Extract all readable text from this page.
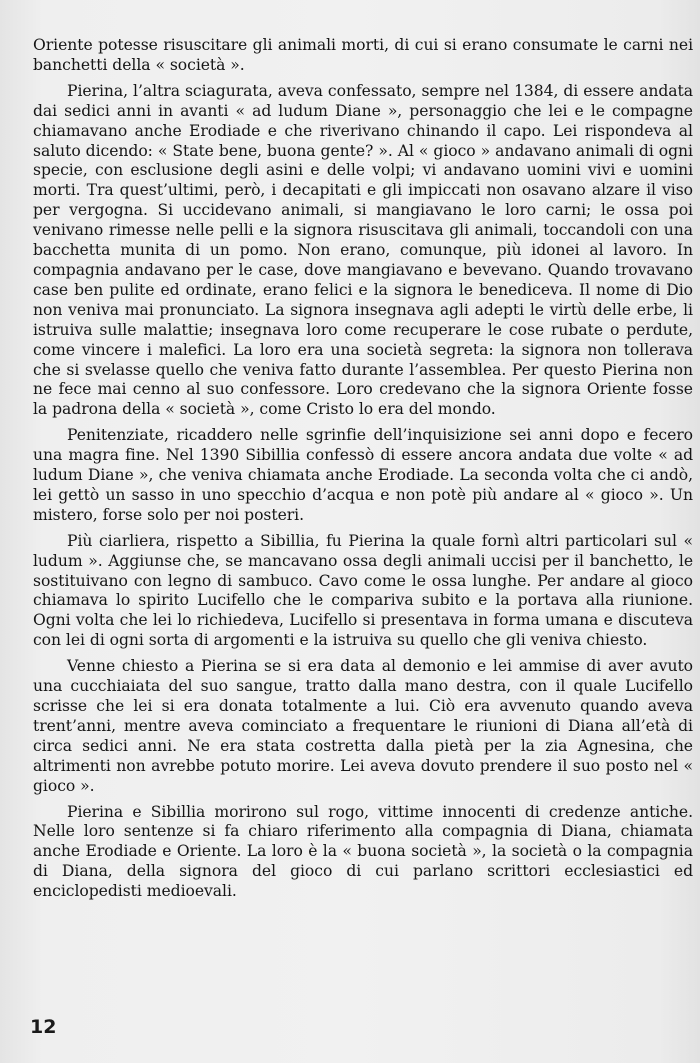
Oriente potesse risuscitare gli animali morti, di cui si erano consumate le carni nei banchetti della « società ».

Pierina, l’altra sciagurata, aveva confessato, sempre nel 1384, di essere andata dai sedici anni in avanti « ad ludum Diane », personaggio che lei e le compagne chiamavano anche Erodiade e che riverivano chinando il capo. Lei rispondeva al saluto dicendo: « State bene, buona gente? ». Al « gioco » andavano animali di ogni specie, con esclusione degli asini e delle volpi; vi andavano uomini vivi e uomini morti. Tra quest’ultimi, però, i decapitati e gli impiccati non osavano alzare il viso per vergogna. Si uccidevano animali, si mangiavano le loro carni; le ossa poi venivano rimesse nelle pelli e la signora risuscitava gli animali, toccandoli con una bacchetta munita di un pomo. Non erano, comunque, più idonei al lavoro. In compagnia andavano per le case, dove mangiavano e bevevano. Quando trovavano case ben pulite ed ordinate, erano felici e la signora le benediceva. Il nome di Dio non veniva mai pronunciato. La signora insegnava agli adepti le virtù delle erbe, li istruiva sulle malattie; insegnava loro come recuperare le cose rubate o perdute, come vincere i malefici. La loro era una società segreta: la signora non tollerava che si svelasse quello che veniva fatto durante l’assemblea. Per questo Pierina non ne fece mai cenno al suo confessore. Loro credevano che la signora Oriente fosse la padrona della « società », come Cristo lo era del mondo.

Penitenziate, ricaddero nelle sgrinfie dell’inquisizione sei anni dopo e fecero una magra fine. Nel 1390 Sibillia confessò di essere ancora andata due volte « ad ludum Diane », che veniva chiamata anche Erodiade. La seconda volta che ci andò, lei gettò un sasso in uno specchio d’acqua e non potè più andare al « gioco ». Un mistero, forse solo per noi posteri.

Più ciarliera, rispetto a Sibillia, fu Pierina la quale fornì altri particolari sul « ludum ». Aggiunse che, se mancavano ossa degli animali uccisi per il banchetto, le sostituivano con legno di sambuco. Cavo come le ossa lunghe. Per andare al gioco chiamava lo spirito Lucifello che le compariva subito e la portava alla riunione. Ogni volta che lei lo richiedeva, Lucifello si presentava in forma umana e discuteva con lei di ogni sorta di argomenti e la istruiva su quello che gli veniva chiesto.

Venne chiesto a Pierina se si era data al demonio e lei ammise di aver avuto una cucchiaiata del suo sangue, tratto dalla mano destra, con il quale Lucifello scrisse che lei si era donata totalmente a lui. Ciò era avvenuto quando aveva trent’anni, mentre aveva cominciato a frequentare le riunioni di Diana all’età di circa sedici anni. Ne era stata costretta dalla pietà per la zia Agnesina, che altrimenti non avrebbe potuto morire. Lei aveva dovuto prendere il suo posto nel « gioco ».

Pierina e Sibillia morirono sul rogo, vittime innocenti di credenze antiche. Nelle loro sentenze si fa chiaro riferimento alla compagnia di Diana, chiamata anche Erodiade e Oriente. La loro è la « buona società », la società o la compagnia di Diana, della signora del gioco di cui parlano scrittori ecclesiastici ed enciclopedisti medioevali.

12
